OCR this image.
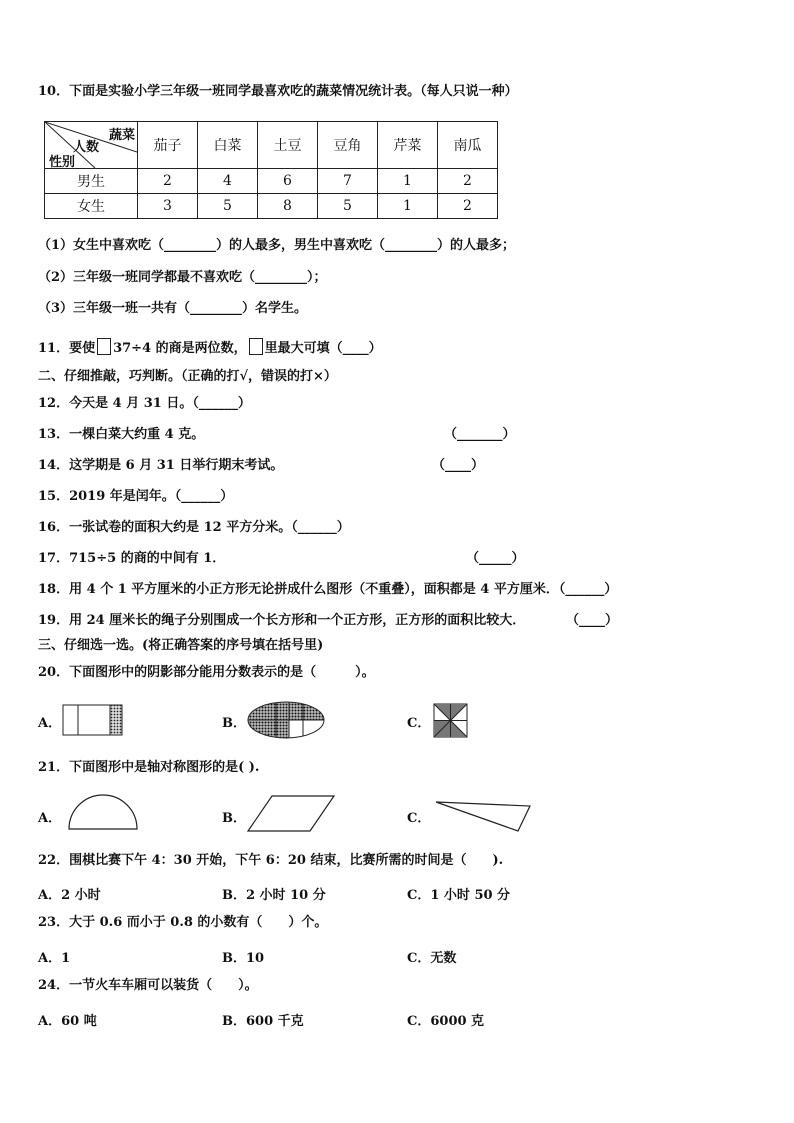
10．下面是实验小学三年级一班同学最喜欢吃的蔬菜情况统计表。（每人只说一种）
蔬菜
人数
性别	茄子	白菜	土豆	豆角	芹菜	南瓜
男生	2	4	6	7	1	2
女生	3	5	8	5	1	2
（1）女生中喜欢吃（________）的人最多，男生中喜欢吃（________）的人最多；
（2）三年级一班同学都最不喜欢吃（________）；
（3）三年级一班一共有（________）名学生。
11．要使 37÷4 的商是两位数， 里最大可填（____）
二、仔细推敲，巧判断。（正确的打√，错误的打×）
12．今天是 4 月 31 日。（______）
13．一棵白菜大约重 4 克。	（_______）
14．这学期是 6 月 31 日举行期末考试。	（____）
15．2019 年是闰年。（______）
16．一张试卷的面积大约是 12 平方分米。（______）
17．715÷5 的商的中间有 1．	（_____）
18．用 4 个 1 平方厘米的小正方形无论拼成什么图形（不重叠），面积都是 4 平方厘米．（______）
19．用 24 厘米长的绳子分别围成一个长方形和一个正方形，正方形的面积比较大．	（____）
三、仔细选一选。(将正确答案的序号填在括号里)
20．下面图形中的阴影部分能用分数表示的是（　　　）。
A．	B．	C．
21．下面图形中是轴对称图形的是( ).
A．	B．	C．
22．围棋比赛下午 4：30 开始，下午 6：20 结束，比赛所需的时间是（　　).
A．2 小时	B．2 小时 10 分	C．1 小时 50 分
23．大于 0.6 而小于 0.8 的小数有（　　）个。
A．1	B．10	C．无数
24．一节火车车厢可以装货（　　）。
A．60 吨	B．600 千克	C．6000 克
